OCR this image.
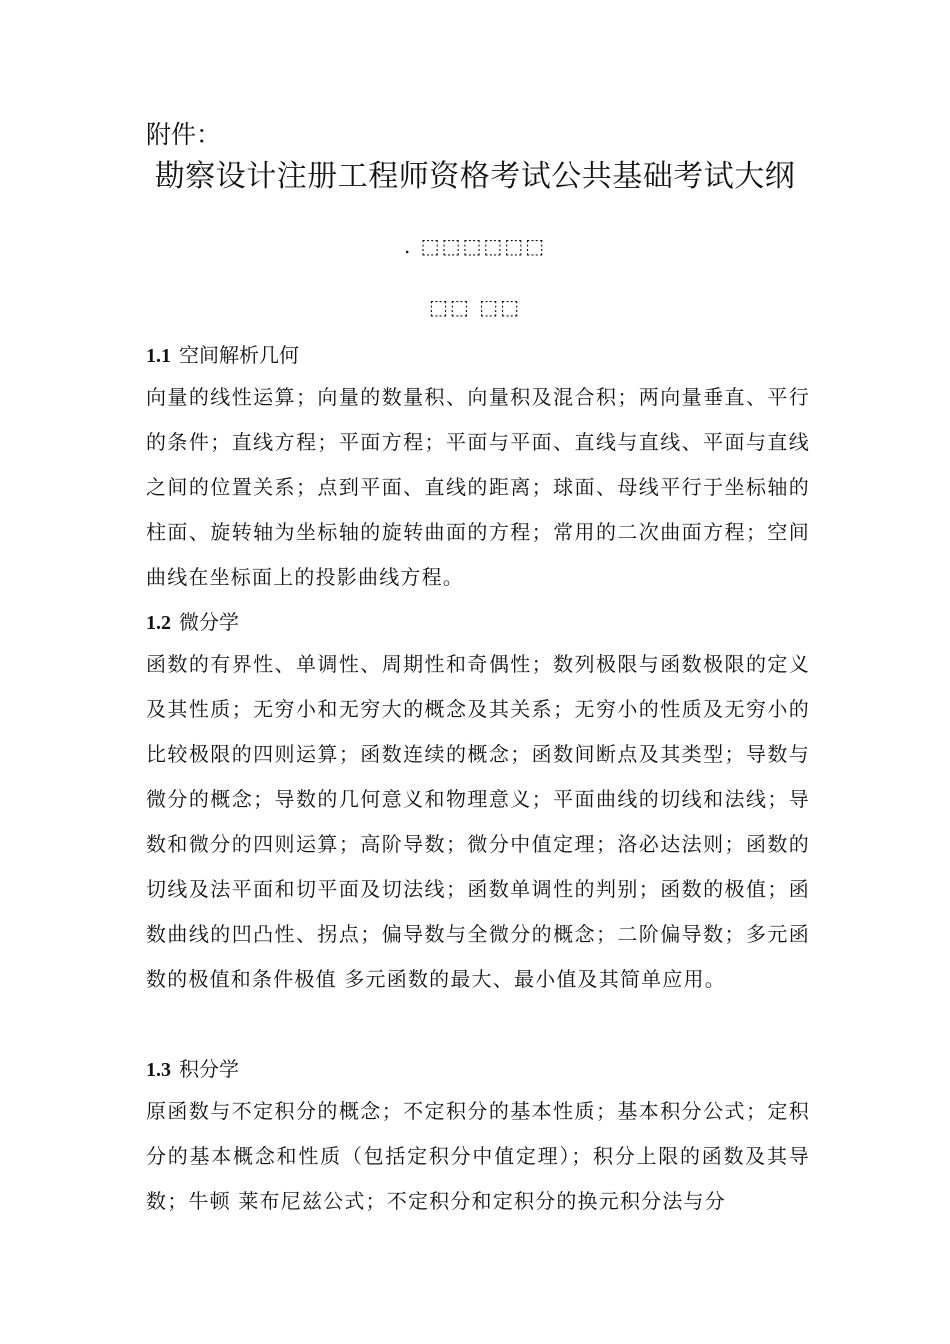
附件：
勘察设计注册工程师资格考试公共基础考试大纲
. ⬚⬚⬚⬚⬚⬚
⬚⬚ ⬚⬚
1.1 空间解析几何
向量的线性运算；向量的数量积、向量积及混合积；两向量垂直、平行的条件；直线方程；平面方程；平面与平面、直线与直线、平面与直线之间的位置关系；点到平面、直线的距离；球面、母线平行于坐标轴的柱面、旋转轴为坐标轴的旋转曲面的方程；常用的二次曲面方程；空间曲线在坐标面上的投影曲线方程。
1.2 微分学
函数的有界性、单调性、周期性和奇偶性；数列极限与函数极限的定义及其性质；无穷小和无穷大的概念及其关系；无穷小的性质及无穷小的比较极限的四则运算；函数连续的概念；函数间断点及其类型；导数与微分的概念；导数的几何意义和物理意义；平面曲线的切线和法线；导数和微分的四则运算；高阶导数；微分中值定理；洛必达法则；函数的切线及法平面和切平面及切法线；函数单调性的判别；函数的极值；函数曲线的凹凸性、拐点；偏导数与全微分的概念；二阶偏导数；多元函数的极值和条件极值 多元函数的最大、最小值及其简单应用。
1.3 积分学
原函数与不定积分的概念；不定积分的基本性质；基本积分公式；定积分的基本概念和性质（包括定积分中值定理）；积分上限的函数及其导数；牛顿 莱布尼兹公式；不定积分和定积分的换元积分法与分
